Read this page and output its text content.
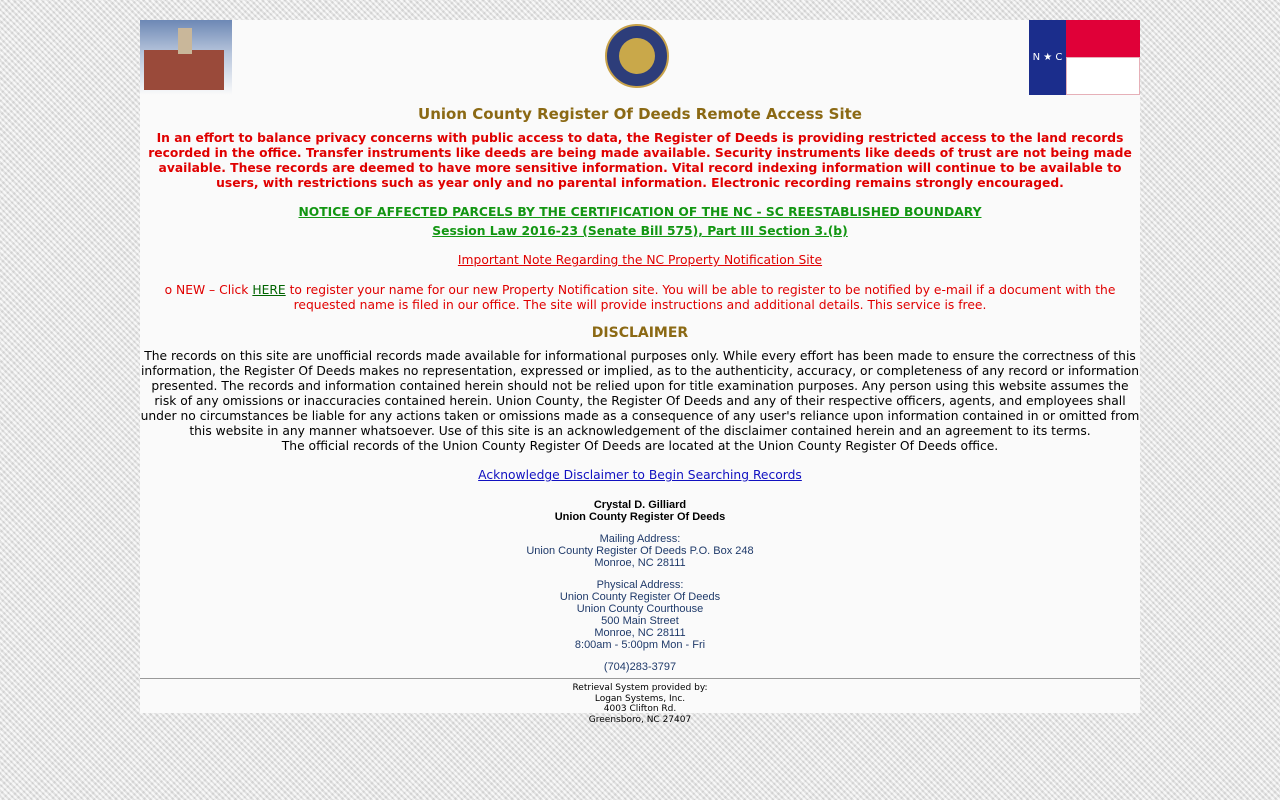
N ★ C
Union County Register Of Deeds Remote Access Site

In an effort to balance privacy concerns with public access to data, the Register of Deeds is providing restricted access to the land records recorded in the office. Transfer instruments like deeds are being made available. Security instruments like deeds of trust are not being made available. These records are deemed to have more sensitive information. Vital record indexing information will continue to be available to users, with restrictions such as year only and no parental information. Electronic recording remains strongly encouraged.

NOTICE OF AFFECTED PARCELS BY THE CERTIFICATION OF THE NC - SC REESTABLISHED BOUNDARY
Session Law 2016-23 (Senate Bill 575), Part III Section 3.(b)
Important Note Regarding the NC Property Notification Site

o NEW – Click HERE to register your name for our new Property Notification site. You will be able to register to be notified by e-mail if a document with the requested name is filed in our office. The site will provide instructions and additional details. This service is free.

DISCLAIMER

The records on this site are unofficial records made available for informational purposes only. While every effort has been made to ensure the correctness of this information, the Register Of Deeds makes no representation, expressed or implied, as to the authenticity, accuracy, or completeness of any record or information presented. The records and information contained herein should not be relied upon for title examination purposes. Any person using this website assumes the risk of any omissions or inaccuracies contained herein. Union County, the Register Of Deeds and any of their respective officers, agents, and employees shall under no circumstances be liable for any actions taken or omissions made as a consequence of any user's reliance upon information contained in or omitted from this website in any manner whatsoever. Use of this site is an acknowledgement of the disclaimer contained herein and an agreement to its terms.

The official records of the Union County Register Of Deeds are located at the Union County Register Of Deeds office.

Acknowledge Disclaimer to Begin Searching Records
Crystal D. Gilliard
Union County Register Of Deeds
Mailing Address:
Union County Register Of Deeds P.O. Box 248
Monroe, NC 28111
Physical Address:
Union County Register Of Deeds
Union County Courthouse
500 Main Street
Monroe, NC 28111
8:00am - 5:00pm Mon - Fri
(704)283-3797
Retrieval System provided by:
Logan Systems, Inc.
4003 Clifton Rd.
Greensboro, NC 27407
